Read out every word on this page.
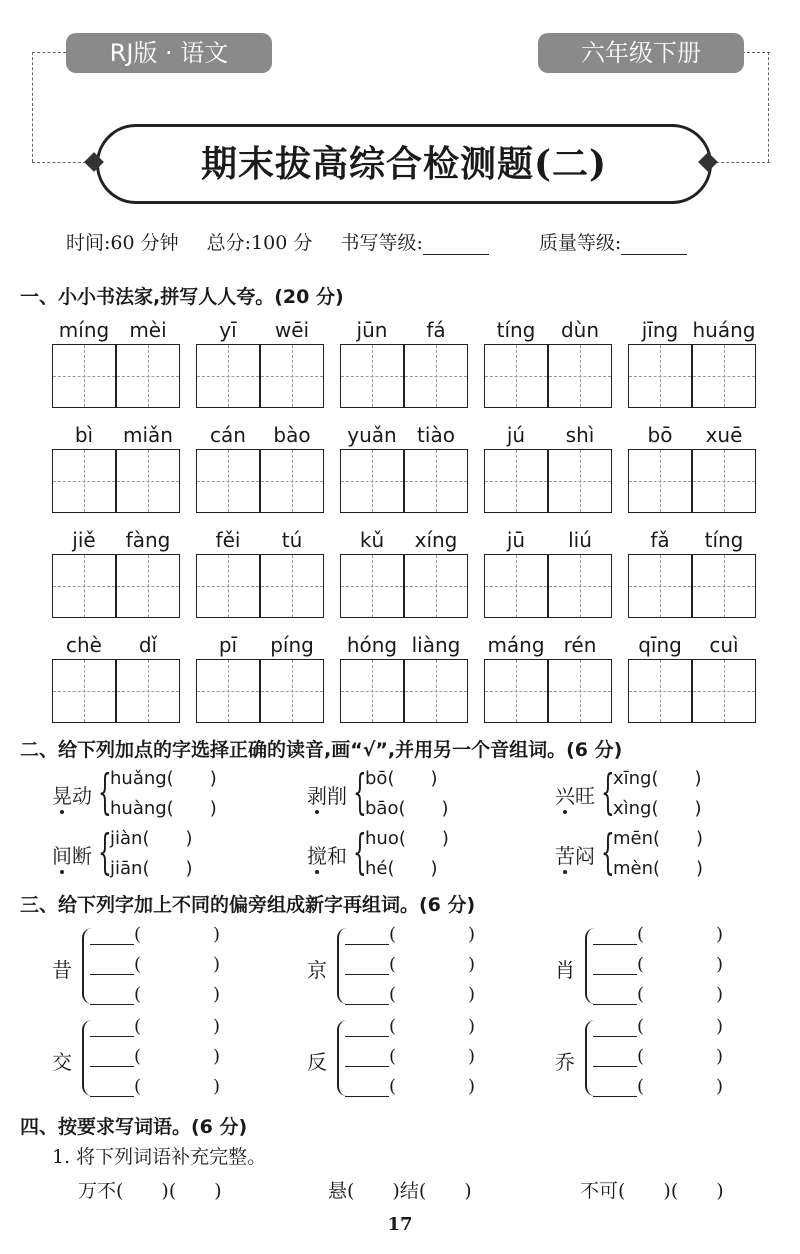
RJ版 · 语文	六年级下册
期末拔高综合检测题(二)
时间:60 分钟 总分:100 分 书写等级:	质量等级:
一、小小书法家,拼写人人夸。(20 分)
míng	mèi	yī	wēi	jūn	fá	tíng	dùn	jīng huáng
bì	miǎn	cán	bào	yuǎn	tiào	jú	shì	bō	xuē
jiě	fàng	fěi	tú	kǔ	xíng	jū	liú	fǎ	tíng
chè	dǐ	pī	píng	hóng liàng	máng rén	qīng	cuì
二、给下列加点的字选择正确的读音,画“√”,并用另一个音组词。(6 分)
晃动 {
huǎng(　　)
huàng(　　)
剥削 {
bō(　　)
bāo(　　)
兴旺 {
xīng(　　)
xìng(　　)
间断 {
jiàn(　　)
jiān(　　)
搅和 {
huo(　　)
hé(　　)
苦闷 {
mēn(　　)
mèn(　　)
三、给下列字加上不同的偏旁组成新字再组词。(6 分)
昔
(	)
(	)
(	)
京
(	)
(	)
(	)
肖
(	)
(	)
(	)
交
(	)
(	)
(	)
反
(	)
(	)
(	)
乔
(	)
(	)
(	)
四、按要求写词语。(6 分)
1. 将下列词语补充完整。
万不(　　)(　　)	悬(　　)结(　　)	不可(　　)(　　)
17
